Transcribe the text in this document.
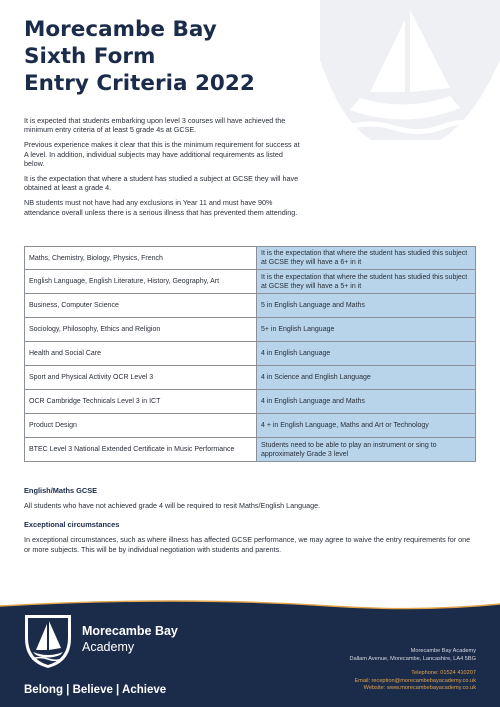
Morecambe Bay
Sixth Form
Entry Criteria 2022

It is expected that students embarking upon level 3 courses will have achieved the minimum entry criteria of at least 5 grade 4s at GCSE.

Previous experience makes it clear that this is the minimum requirement for success at A level. In addition, individual subjects may have additional requirements as listed below.

It is the expectation that where a student has studied a subject at GCSE they will have obtained at least a grade 4.

NB students must not have had any exclusions in Year 11 and must have 90% attendance overall unless there is a serious illness that has prevented them attending.

Maths, Chemistry, Biology, Physics, French	It is the expectation that where the student has studied this subject at GCSE they will have a 6+ in it
English Language, English Literature, History, Geography, Art	It is the expectation that where the student has studied this subject at GCSE they will have a 5+ in it
Business, Computer Science	5 in English Language and Maths
Sociology, Philosophy, Ethics and Religion	5+ in English Language
Health and Social Care	4 in English Language
Sport and Physical Activity OCR Level 3	4 in Science and English Language
OCR Cambridge Technicals Level 3 in ICT	4 in English Language and Maths
Product Design	4 + in English Language, Maths and Art or Technology
BTEC Level 3 National Extended Certificate in Music Performance	Students need to be able to play an instrument or sing to approximately Grade 3 level
English/Maths GCSE

All students who have not achieved grade 4 will be required to resit Maths/English Language.

Exceptional circumstances

In exceptional circumstances, such as where illness has affected GCSE performance, we may agree to waive the entry requirements for one or more subjects. This will be by individual negotiation with students and parents.

Morecambe Bay
Academy
Belong | Believe | Achieve
Morecambe Bay Academy
Dallam Avenue, Morecambe, Lancashire, LA4 5BG
Telephone: 01524 410207
Email: reception@morecambebayacademy.co.uk
Website: www.morecambebayacademy.co.uk
